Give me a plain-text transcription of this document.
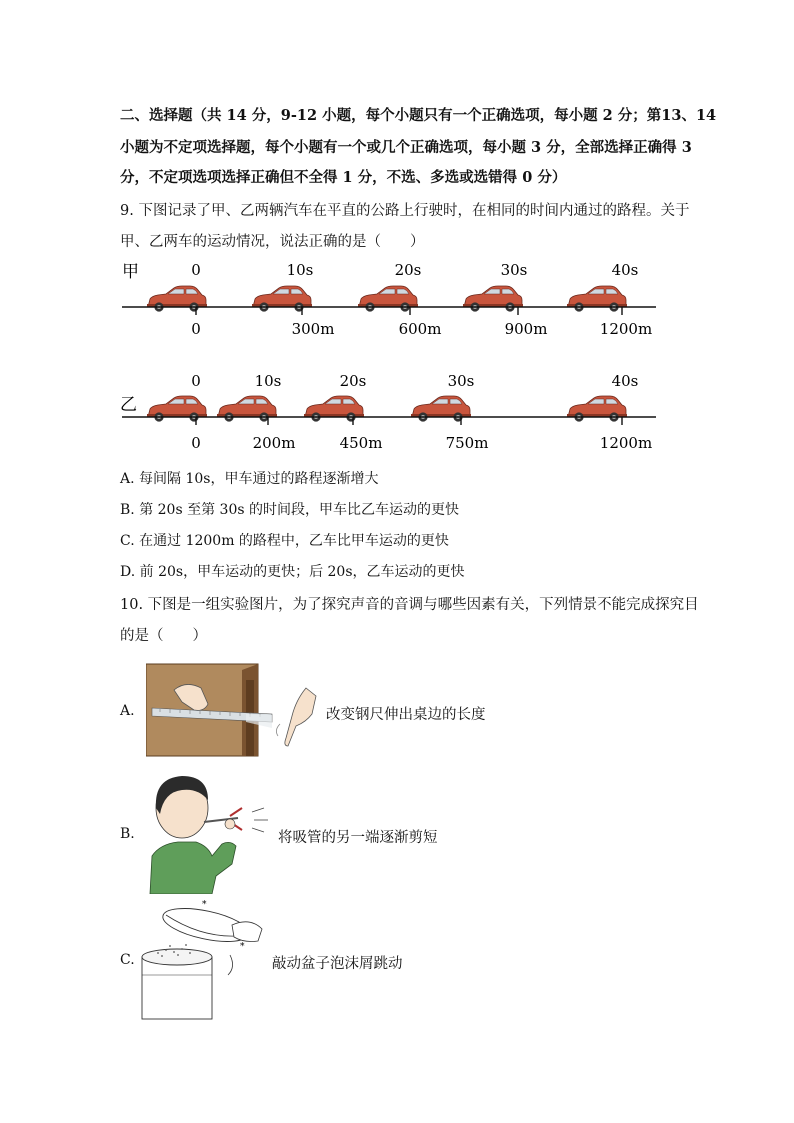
二、选择题（共 14 分，9-12 小题，每个小题只有一个正确选项，每小题 2 分；第13、14
小题为不定项选择题，每个小题有一个或几个正确选项，每小题 3 分，全部选择正确得 3
分，不定项选项选择正确但不全得 1 分，不选、多选或选错得 0 分）
9. 下图记录了甲、乙两辆汽车在平直的公路上行驶时，在相同的时间内通过的路程。关于
甲、乙两车的运动情况，说法正确的是（　　）
甲	0	10s	20s	30s	40s
0	300m	600m	900m	1200m
0	10s	20s	30s	40s
乙
0	200m	450m	750m	1200m
A. 每间隔 10s，甲车通过的路程逐渐增大
B. 第 20s 至第 30s 的时间段，甲车比乙车运动的更快
C. 在通过 1200m 的路程中，乙车比甲车运动的更快
D. 前 20s，甲车运动的更快；后 20s，乙车运动的更快
10. 下图是一组实验图片，为了探究声音的音调与哪些因素有关，下列情景不能完成探究目
的是（　　）
A.	改变钢尺伸出桌边的长度
B.	将吸管的另一端逐渐剪短
C.
*
*
敲动盆子泡沫屑跳动
